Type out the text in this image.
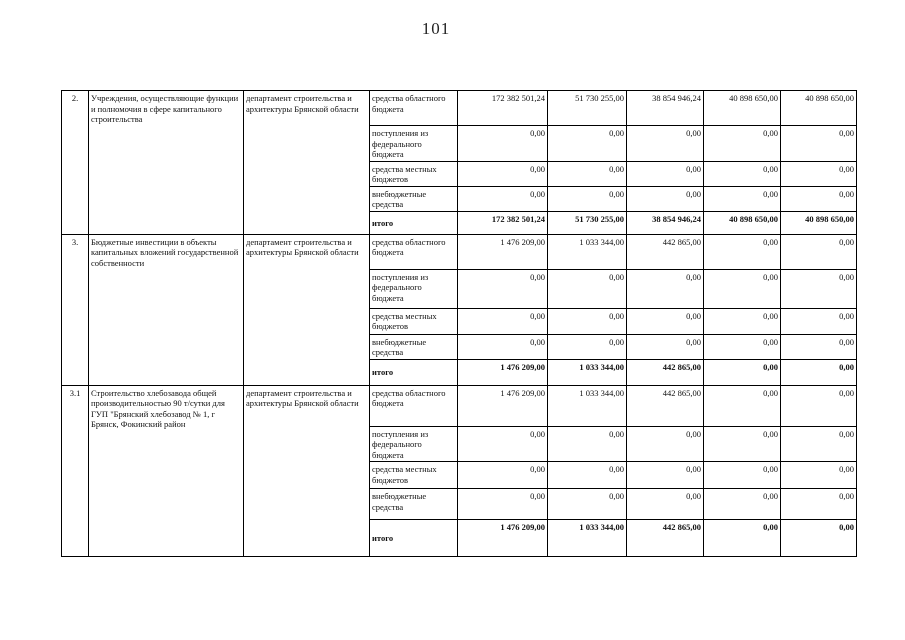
101
2.	Учреждения, осуществляющие функции и полномочия в сфере капитального строительства	департамент строительства и архитектуры Брянской области	средства областного бюджета	172 382 501,24	51 730 255,00	38 854 946,24	40 898 650,00	40 898 650,00
			поступления из федерального бюджета	0,00	0,00	0,00	0,00	0,00
			средства местных бюджетов	0,00	0,00	0,00	0,00	0,00
			внебюджетные средства	0,00	0,00	0,00	0,00	0,00
			итого	172 382 501,24	51 730 255,00	38 854 946,24	40 898 650,00	40 898 650,00
3.	Бюджетные инвестиции в объекты капитальных вложений государственной собственности	департамент строительства и архитектуры Брянской области	средства областного бюджета	1 476 209,00	1 033 344,00	442 865,00	0,00	0,00
			поступления из федерального бюджета	0,00	0,00	0,00	0,00	0,00
			средства местных бюджетов	0,00	0,00	0,00	0,00	0,00
			внебюджетные средства	0,00	0,00	0,00	0,00	0,00
			итого	1 476 209,00	1 033 344,00	442 865,00	0,00	0,00
3.1	Строительство хлебозавода общей производительностью 90 т/сутки для ГУП "Брянский хлебозавод № 1, г Брянск, Фокинский район	департамент строительства и архитектуры Брянской области	средства областного бюджета	1 476 209,00	1 033 344,00	442 865,00	0,00	0,00
			поступления из федерального бюджета	0,00	0,00	0,00	0,00	0,00
			средства местных бюджетов	0,00	0,00	0,00	0,00	0,00
			внебюджетные средства	0,00	0,00	0,00	0,00	0,00
			итого	1 476 209,00	1 033 344,00	442 865,00	0,00	0,00
